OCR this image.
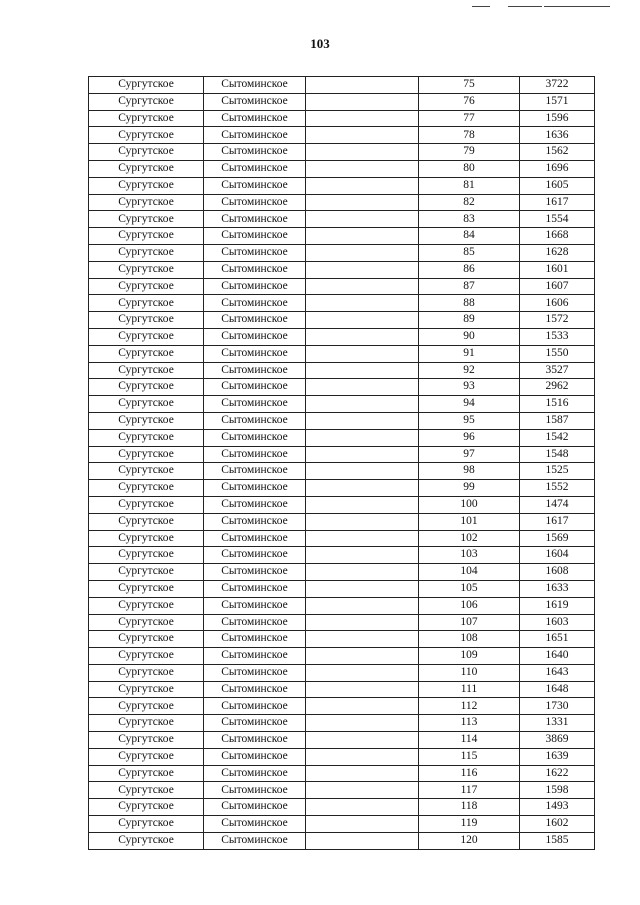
103
Сургутское	Сытоминское		75	3722
Сургутское	Сытоминское		76	1571
Сургутское	Сытоминское		77	1596
Сургутское	Сытоминское		78	1636
Сургутское	Сытоминское		79	1562
Сургутское	Сытоминское		80	1696
Сургутское	Сытоминское		81	1605
Сургутское	Сытоминское		82	1617
Сургутское	Сытоминское		83	1554
Сургутское	Сытоминское		84	1668
Сургутское	Сытоминское		85	1628
Сургутское	Сытоминское		86	1601
Сургутское	Сытоминское		87	1607
Сургутское	Сытоминское		88	1606
Сургутское	Сытоминское		89	1572
Сургутское	Сытоминское		90	1533
Сургутское	Сытоминское		91	1550
Сургутское	Сытоминское		92	3527
Сургутское	Сытоминское		93	2962
Сургутское	Сытоминское		94	1516
Сургутское	Сытоминское		95	1587
Сургутское	Сытоминское		96	1542
Сургутское	Сытоминское		97	1548
Сургутское	Сытоминское		98	1525
Сургутское	Сытоминское		99	1552
Сургутское	Сытоминское		100	1474
Сургутское	Сытоминское		101	1617
Сургутское	Сытоминское		102	1569
Сургутское	Сытоминское		103	1604
Сургутское	Сытоминское		104	1608
Сургутское	Сытоминское		105	1633
Сургутское	Сытоминское		106	1619
Сургутское	Сытоминское		107	1603
Сургутское	Сытоминское		108	1651
Сургутское	Сытоминское		109	1640
Сургутское	Сытоминское		110	1643
Сургутское	Сытоминское		111	1648
Сургутское	Сытоминское		112	1730
Сургутское	Сытоминское		113	1331
Сургутское	Сытоминское		114	3869
Сургутское	Сытоминское		115	1639
Сургутское	Сытоминское		116	1622
Сургутское	Сытоминское		117	1598
Сургутское	Сытоминское		118	1493
Сургутское	Сытоминское		119	1602
Сургутское	Сытоминское		120	1585
